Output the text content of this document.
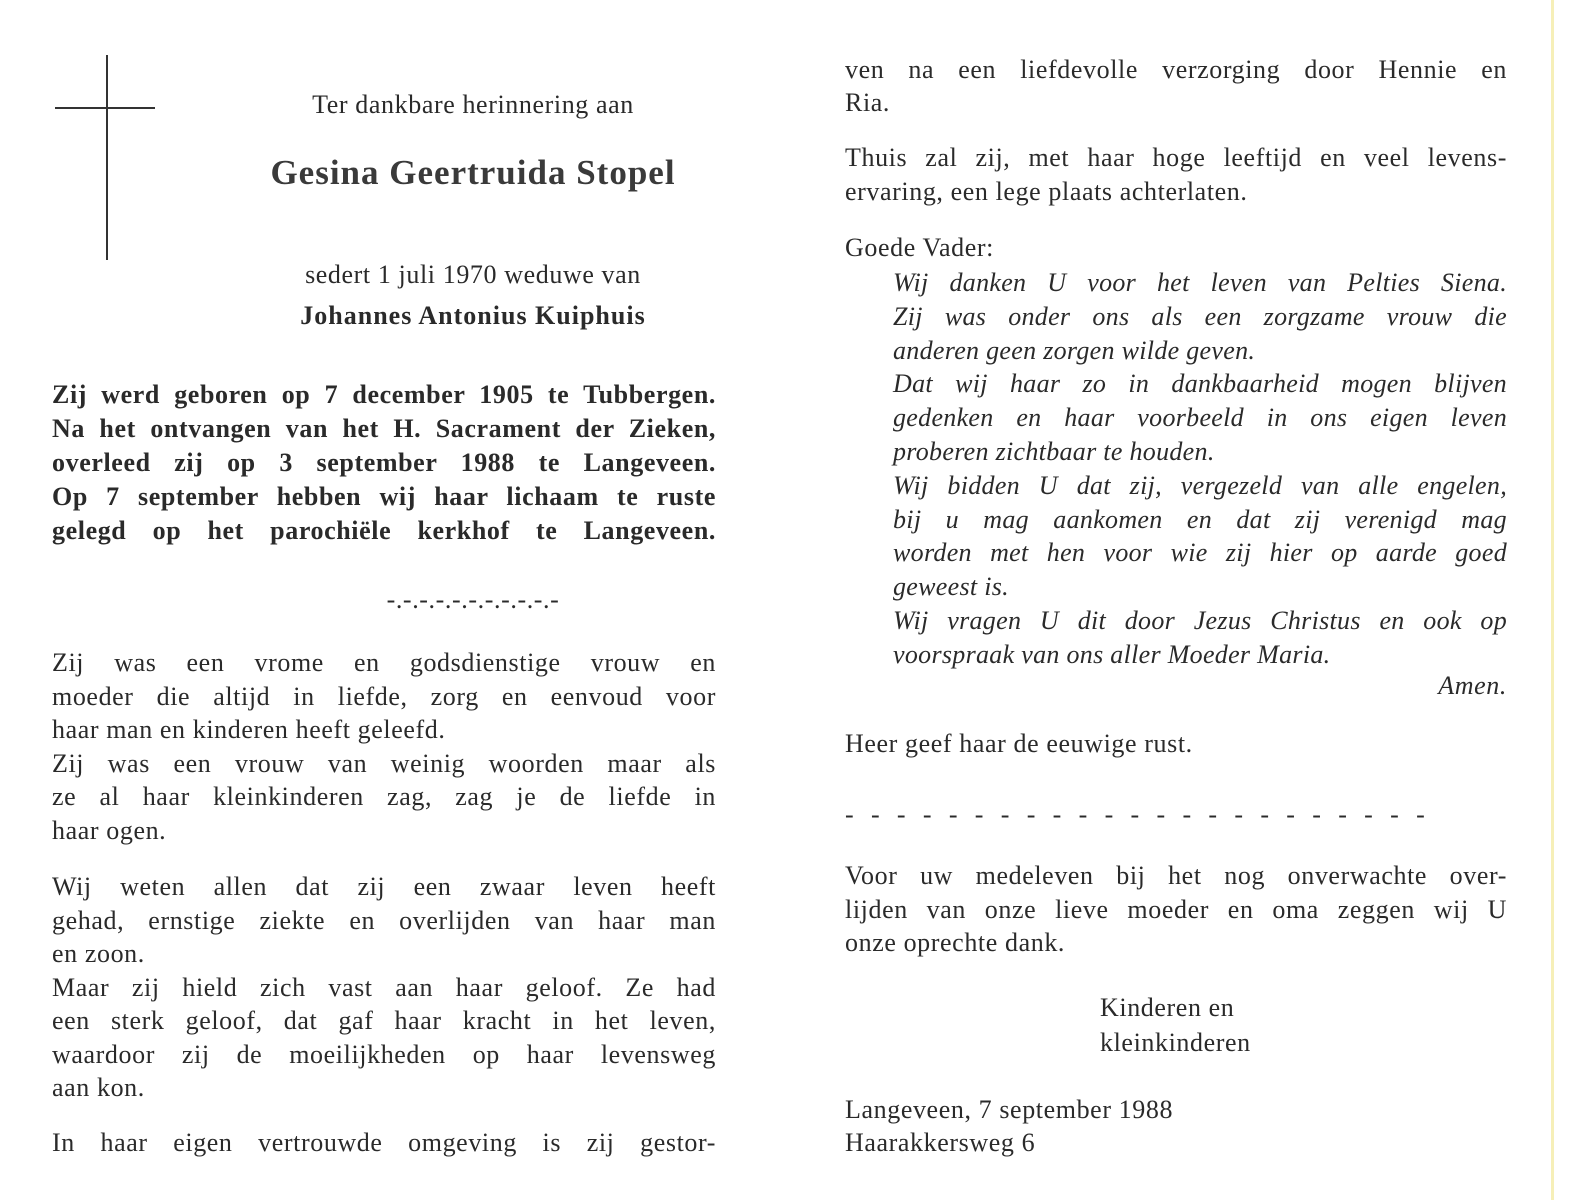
Ter dankbare herinnering aan
Gesina Geertruida Stopel
sedert 1 juli 1970 weduwe van
Johannes Antonius Kuiphuis
-.-.-.-.-.-.-.-.-.-.-
Zij werd geboren op 7 december 1905 te Tubbergen.
Na het ontvangen van het H. Sacrament der Zieken,
overleed zij op 3 september 1988 te Langeveen.
Op 7 september hebben wij haar lichaam te ruste
gelegd op het parochiële kerkhof te Langeveen.
Zij was een vrome en godsdienstige vrouw en
moeder die altijd in liefde, zorg en eenvoud voor
haar man en kinderen heeft geleefd.
Zij was een vrouw van weinig woorden maar als
ze al haar kleinkinderen zag, zag je de liefde in
haar ogen.
Wij weten allen dat zij een zwaar leven heeft
gehad, ernstige ziekte en overlijden van haar man
en zoon.
Maar zij hield zich vast aan haar geloof. Ze had
een sterk geloof, dat gaf haar kracht in het leven,
waardoor zij de moeilijkheden op haar levensweg
aan kon.
In haar eigen vertrouwde omgeving is zij gestor-
ven na een liefdevolle verzorging door Hennie en
Ria.
Thuis zal zij, met haar hoge leeftijd en veel levens-
ervaring, een lege plaats achterlaten.
Wij danken U voor het leven van Pelties Siena.
Zij was onder ons als een zorgzame vrouw die
anderen geen zorgen wilde geven.
Dat wij haar zo in dankbaarheid mogen blijven
gedenken en haar voorbeeld in ons eigen leven
proberen zichtbaar te houden.
Wij bidden U dat zij, vergezeld van alle engelen,
bij u mag aankomen en dat zij verenigd mag
worden met hen voor wie zij hier op aarde goed
geweest is.
Wij vragen U dit door Jezus Christus en ook op
voorspraak van ons aller Moeder Maria.
Voor uw medeleven bij het nog onverwachte over-
lijden van onze lieve moeder en oma zeggen wij U
onze oprechte dank.
Kinderen en
kleinkinderen
Goede Vader:
Amen.
Heer geef haar de eeuwige rust.
- - - - - - - - - - - - - - - - - - - - - - -
Langeveen, 7 september 1988
Haarakkersweg 6
